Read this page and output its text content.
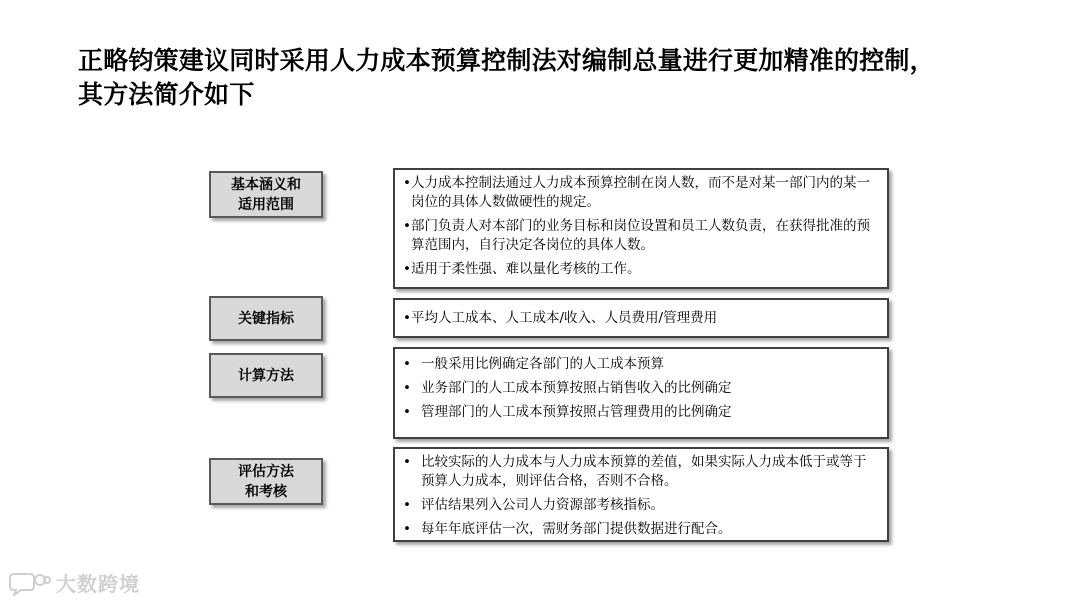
正略钧策建议同时采用人力成本预算控制法对编制总量进行更加精准的控制，
其方法简介如下
基本涵义和
适用范围
• 人力成本控制法通过人力成本预算控制在岗人数，而不是对某一部门内的某一岗位的具体人数做硬性的规定。
• 部门负责人对本部门的业务目标和岗位设置和员工人数负责，在获得批准的预算范围内，自行决定各岗位的具体人数。
• 适用于柔性强、难以量化考核的工作。
关键指标	• 平均人工成本、人工成本/收入、人员费用/管理费用
计算方法
• 一般采用比例确定各部门的人工成本预算
• 业务部门的人工成本预算按照占销售收入的比例确定
• 管理部门的人工成本预算按照占管理费用的比例确定
评估方法
和考核
• 比较实际的人力成本与人力成本预算的差值，如果实际人力成本低于或等于预算人力成本，则评估合格，否则不合格。
• 评估结果列入公司人力资源部考核指标。
• 每年年底评估一次，需财务部门提供数据进行配合。
大数跨境
